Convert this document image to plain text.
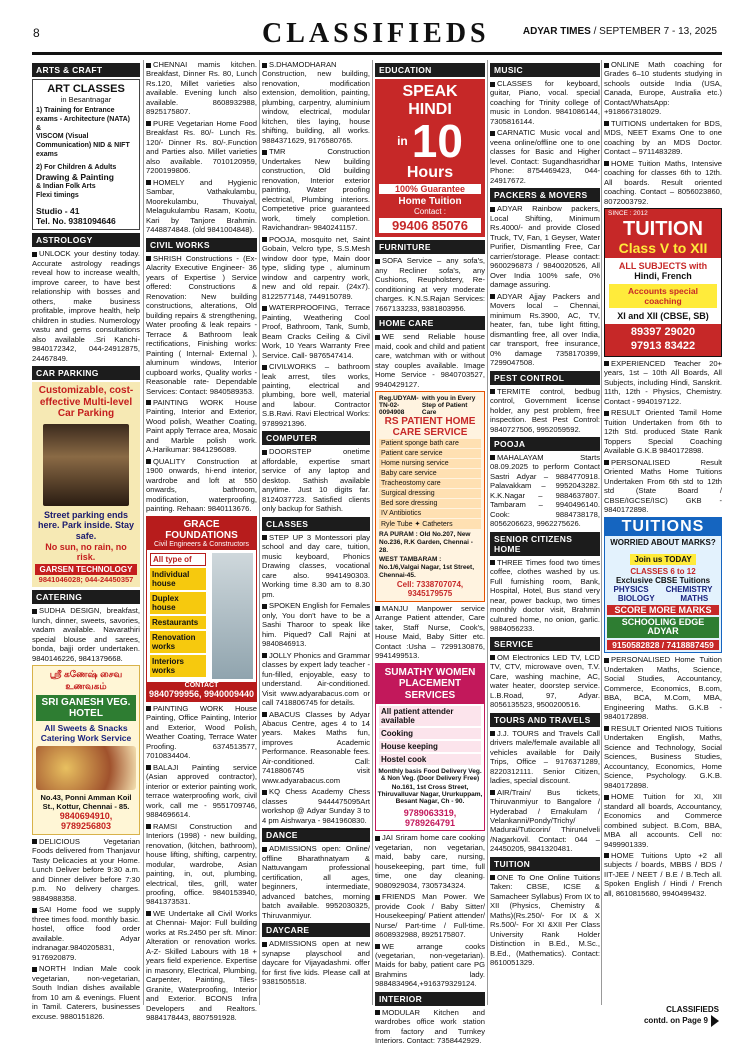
8	CLASSIFIEDS	ADYAR TIMES / SEPTEMBER 7 - 13, 2025
ARTS & CRAFT
ART CLASSES
in Besantnagar
1) Training for Entrance exams - Architecture (NATA) &
VISCOM (Visual Communication) NID & NIFT exams
2) For Children & Adults
Drawing & Painting
& Indian Folk Arts
Flexi timings
Studio - 41
Tel. No. 9381094646
ASTROLOGY
UNLOCK your destiny today. Accurate astrology readings reveal how to increase wealth, improve career, to have best relationship with bosses and others, make business profitable, improve health, help children in studies. Numerology vastu and gems consultations also available .Sri Kanchi- 9840172342, 044-24912875, 24467849.
CAR PARKING
Customizable, cost-effective Multi-level Car Parking
Street parking ends here. Park inside. Stay safe.
No sun, no rain, no risk.
GARSEN TECHNOLOGY
9841046028; 044-24450357
CATERING
SUDHA DESIGN, breakfast, lunch, dinner, sweets, savories, vadam available. Navarathiri special blouse and sarees, bonda, bajji order undertaken. 9840146226, 9841379668.
ஸ்ரீ கணேஷ் சைவ உணவகம்
SRI GANESH VEG. HOTEL
All Sweets & Snacks Catering Work Service
No.43, Ponni Amman Koil St., Kottur, Chennai - 85.
9840694910, 9789256803
DELICIOUS Vegetarian Foods delivered from Thanjavur Tasty Delicacies at your Home. Lunch Deliver before 9:30 a.m. and Dinner deliver before 7:30 p.m. No delivery charges. 9884988358.
SAI Home food we supply three times food. monthly basic. hostel, office food order available. Adyar indranagar.9840205831, 9176920879.
NORTH Indian Male cook vegetarian, non-vegetarian, South Indian dishes available from 10 am & evenings. Fluent in Tamil. Caterers, businesses excuse. 9880151826.
CHENNAI mamis kitchen. Breakfast, Dinner Rs. 80, Lunch Rs.120, Millet varieties also available. Evening lunch also available. 8608932988, 8925175807.
PURE Vegetarian Home Food Breakfast Rs. 80/- Lunch Rs. 120/- Dinner Rs. 80/-.Function and Parties also. Millet varieties also available. 7010120959, 7200199806.
HOMELY and Hygienic Sambar, Vathakulambu, Moorekulambu, Thuvaiyal, Melagukulambu Rasam, Kootu, Kari by Tanjore Brahmin. 7448874848. (old 9841004848).
CIVIL WORKS
SHRISH Constructions - (Ex- Alacrity Executive Engineer- 36 years of Expertise ) Service offered: Constructions & Renovation: New building constructions, alterations, Old building repairs & strengthening, Water proofing & leak repairs - Terrace & Bathroom leak rectifications, Finishing works: Painting ( Internal- External ), aluminum windows, Interior cupboard works, Quality works - Reasonable rate- Dependable Services: Contact: 9840589353.
PAINTING WORK House Painting, Interior and Exterior, Wood polish, Weather Coating, Paint apply Terrace area, Mosaic and Marble polish work. A.Harikumar: 9841296089.
QUALITY Construction at 1900 onwards, hi-end interior, wardrobe and loft at 550 onwards, bathroom, modification, waterproofing, painting. Rehaan: 9840113676.
GRACE FOUNDATIONS
Civil Engineers & Constructors
All type of
Individual house
Duplex house
Restaurants
Renovation works
Interiors works
CONTACT
9840799956, 9940009440
PAINTING WORK House Painting, Office Painting, Interior and Exterior, Wood Polish, Weather Coating, Terrace Water Proofing. 6374513577, 7010834404.
BALAJI Painting service (Asian approved contractor), interior or exterior painting work, terrace waterproofing work, civil work, call me - 9551709746, 9884696614.
RAMSI Construction and Interiors (1998) - new building, renovation, (kitchen, bathroom), house lifting, shifting, carpentry, modular, wardrobe, Asian painting, in, out, plumbing, electrical, tiles, grill, water proofing, office. 9840153940, 9841373531.
WE Undertake all Civil Works at Chennai- Major: Full building works at Rs.2450 per sft. Minor: Alteration or renovation works. A-Z- Skilled Labours with 18 + years field experience. Expertise in masonry, Electrical, Plumbing, Carpenter, Painting, Tiles-Granite, Waterproofing, Interior and Exterior. BCONS Infra Developers and Realtors. 9884178443, 8807591928.
S.DHAMODHARAN Construction, new building, renovation, modification extension, demolition, painting, plumbing, carpentry, aluminium window, electrical, modular kitchen, tiles laying, house shifting, building, all works. 9884371629, 9176580765.
TMR Construction Undertakes New building construction, Old building renovation, Interior exterior painting, Water proofing electrical, Plumbing interiors. Competetive price guaranteed work, timely completion. Ravichandran- 9840241157.
POOJA, mosquito net, Saint Gobain, Velcro type, S.S.Mesh window door type, Main door type, sliding type , aluminum window and carpentry work, new and old repair. (24x7). 8122577148, 7449150789.
WATERPROOFING, Terrace Painting, Weathering Cool Proof, Bathroom, Tank, Sumb, Beam Cracks Ceiling & Civil Work, 10 Years Warranty Free Service. Call- 9876547414.
CIVILWORKS – bathroom leak arrest, tiles works, painting, electrical and plumbing, bore well, material and labour. Contractor S.B.Ravi. Ravi Electrical Works: 9789921396.
COMPUTER
DOORSTEP onetime affordable, expertise smart service of any laptop and desktop. Sathish available anytime. Just 10 digits far. 8124037723. Satisfied clients only backup for Sathish.
CLASSES
STEP UP 3 Montessori play school and day care, tuition, music keyboard, Phonics Drawing classes, vocational care also. 9941490303. Working time 8.30 am to 8.30 pm.
SPOKEN English for Females only, You don't have to be a Sashi Tharoor to speak like him. Piqued? Call Rajni at 9840846913.
JOLLY Phonics and Grammar classes by expert lady teacher - fun-filled, enjoyable, easy to understand. Air-conditioned. Visit www.adyarabacus.com or call 7418806745 for details.
ABACUS Classes by Adyar Abacus Centre, ages 4 to 14 years. Makes Maths fun, improves Academic Performance. Reasonable fees. Air-conditioned. Call: 7418806745 visit www.adyarabacus.com
KQ Chess Academy Chess classes 9444475095Art workshop @ Adyar Sunday 3 to 4 pm Aishwarya - 9841960830.
DANCE
ADMISSIONS open: Online/ offline Bharathnatyam & Nattuvangam professional certification, all ages, beginners, intermediate, advanced batches, morning batch available. 9952030325, Thiruvanmiyur.
DAYCARE
ADMISSIONS open at new synapse playschool and daycare for Vijayadashmi. offer for first five kids. Please call at 9381505518.
EDUCATION
SPEAK HINDI
in 10
Hours
100% Guarantee
Home Tuition
Contact :
99406 85076
FURNITURE
SOFA Service – any sofa's, any Recliner sofa's, any Cushions, Reupholstery, Re-conditioning at very moderate charges. K.N.S.Rajan Services: 7667133233, 9381803956.
HOME CARE
WE send Reliable house maid, cook and child and patient care, watchman with or without stay couples available. Image Home Service - 9840703527, 9940429127.
Reg.UDYAM-TN-02-0094908
with you in Every Step of Patient Care
RS PATIENT HOME CARE SERVICE
Patient sponge bath care
Patient care service
Home nursing service
Baby care service
Tracheostomy care
Surgical dressing
Bed sore dressing
IV Antibiotics
Ryle Tube ✦ Catheters
RA PURAM : Old No.207, New No.236, R.K Garden, Chennai - 28.
WEST TAMBARAM : No.1/6,Valgai Nagar, 1st Street, Chennai-45.
Cell: 7338707074, 9345179575
MANJU Manpower service Arrange Patient attender, Care taker, Staff Nurse, Cook's, House Maid, Baby Sitter etc. Contact :Usha – 7299130876, 9941499513.
SUMATHY WOMEN PLACEMENT SERVICES
All patient attender available
Cooking
House keeping
Hostel cook
Monthly basis Food Delivery Veg. & Non Veg. (Door Delivery Free)
No.161, 1st Cross Street, Thiruvalluvar Nagar, Ururkuppam, Besant Nagar, Ch - 90.
9789063319, 9789264791
JAI Sriram home care cooking vegetarian, non vegetarian, maid, baby care, nursing, housekeeping, part time, full time, one day cleaning. 9080929034, 7305734324.
FRIENDS Man Power. We provide Cook / Baby Sitter/ Housekeeping/ Patient attender/ Nurse/ Part-time / Full-time. 8608932988, 8925175807.
WE arrange cooks (vegetarian, non-vegetarian). Maids for baby, patient care PG Brahmins lady. 9884834964,+916379329124.
INTERIOR
MODULAR Kitchen and wardrobes office work station from factory and Turnkey Interiors. Contact: 7358442929.
MUSIC
CLASSES for keyboard, guitar, Piano, vocal. special coaching for Trinity college of music in London. 9841086144, 7305816144.
CARNATIC Music vocal and veena online/offline one to one classes for Basic and Higher level. Contact: Sugandhasridhar Phone: 8754469423, 044-24917672.
PACKERS & MOVERS
ADYAR Rainbow packers, Local Shifting, Minimum Rs.4000/- and provide Closed Truck, TV, Fan, 1 Geyser, Water Purifier, Dismantling Free, Car carrier/storage. Please contact: 9600296873 / 9840020526, All Over India 100% safe, 0% damage assuring.
ADYAR Ajjay Packers and Movers local – Chennai, minimum Rs.3900, AC, TV, heater, fan, tube light fitting, dismantling free, all over India, car transport, free insurance, 0% damage 7358170399, 7299047508.
PEST CONTROL
TERMITE control, bedbug control, Government license holder, any pest problem, free inspection. Best Pest Control: 9840727506, 9952059592.
POOJA
MAHALAYAM Starts 08.09.2025 to perform Contact Sastri Adyar – 9884770918. Palavakkam – 9952043282. K.K.Nagar – 9884637807. Tambaram – 9940496140. Cook: 9884738178, 8056206623, 9962275626.
SENIOR CITIZENS HOME
THREE Times food two times coffee, clothes washed by us. Full furnishing room, Bank, Hospital, Hotel, Bus stand very near, power backup, two times monthly doctor visit, Brahmin cultured home, no onion, garlic. 9884056233.
SERVICE
OM Electronics LED TV, LCD TV, CTV, microwave oven, T.V. Care, washing machine, AC, water heater, doorstep service. L.B.Road, 97, Adyar. 8056135523, 9500200516.
TOURS AND TRAVELS
J.J. TOURS and Travels Call drivers male/female available all vehicles available for Daily Trips, Office – 9176371289, 8220312111. Senior Citizen, ladies, special discount.
AIR/Train/ Bus tickets, Thiruvanmiyur to Bangalore / Hyderabad / Ernakulam / Velankanni/Pondy/Trichy/ Madurai/Tuticorin/ Thirunelveli /Nagarkovil. Contact: 044 – 24450205, 9841320481.
TUITION
ONE To One Online Tuitions Taken: CBSE, ICSE & Samacheer Syllabus) From IX to XII (Physics, Chemistry & Maths)(Rs.250/- For IX & X Rs.500/- For XI &XII Per Class University Rank Holder Distinction in B.Ed., M.Sc., B.Ed., (Mathematics). Contact: 8610051329.
ONLINE Math coaching for Grades 6–10 students studying in schools outside India (USA, Canada, Europe, Australia etc.) Contact/WhatsApp: +918667318029.
TUITIONS undertaken for BDS, MDS, NEET Exams One to one coaching by an MDS Doctor. Contact – 9711483289.
HOME Tuition Maths, Intensive coaching for classes 6th to 12th. All boards. Result oriented coaching. Contact – 8056023860, 8072003792.
SINCE : 2012
TUITION
Class V to XII
ALL SUBJECTS with
Hindi, French
Accounts special coaching
XI and XII (CBSE, SB)
89397 29020
97913 83422
EXPERIENCED Teacher 20+ years, 1st – 10th All Boards, All Subjects, including Hindi, Sanskrit. 11th, 12th - Physics, Chemistry. Contact - 9940197122.
RESULT Oriented Tamil Home Tuition Undertaken from 6th to 12th Std. produced State Rank Toppers Special Coaching Available G.K.B 9840172898.
PERSONALISED Result Oriented Maths Home Tuitions Undertaken From 6th std to 12th std (State Board / CBSE/IGCSE/ISC) GKB - 9840172898.
TUITIONS
WORRIED ABOUT MARKS?
Join us TODAY
CLASSES 6 to 12
Exclusive CBSE Tuitions
PHYSICS CHEMISTRY
BIOLOGY	MATHS
SCORE MORE MARKS
SCHOOLING EDGE ADYAR
9150582828 / 7418887459
PERSONALISED Home Tuition Undertaken Maths, Science, Social Studies, Accountancy, Commerce, Economics, B.com, BBA, BCA, M.Com, MBA, Engineering Maths. G.K.B - 9840172898.
RESULT Oriented NIOS Tuitions Undertaken English, Maths, Science and Technology, Social Sciences, Business Studies, Accountancy, Economics, Home Science, Psychology. G.K.B. 9840172898.
HOME Tuition for XI, XII standard all boards, Accountancy, Economics and Commerce combined subject. B.Com, BBA, MBA all accounts. Cell no: 9499901339.
HOME Tuitions Upto +2 all subjects / boards, MBBS / BDS / IIT-JEE / NEET / B.E / B.Tech all. Spoken English / Hindi / French all, 8610815680, 9940499432.
CLASSIFIEDS
contd. on Page 9
